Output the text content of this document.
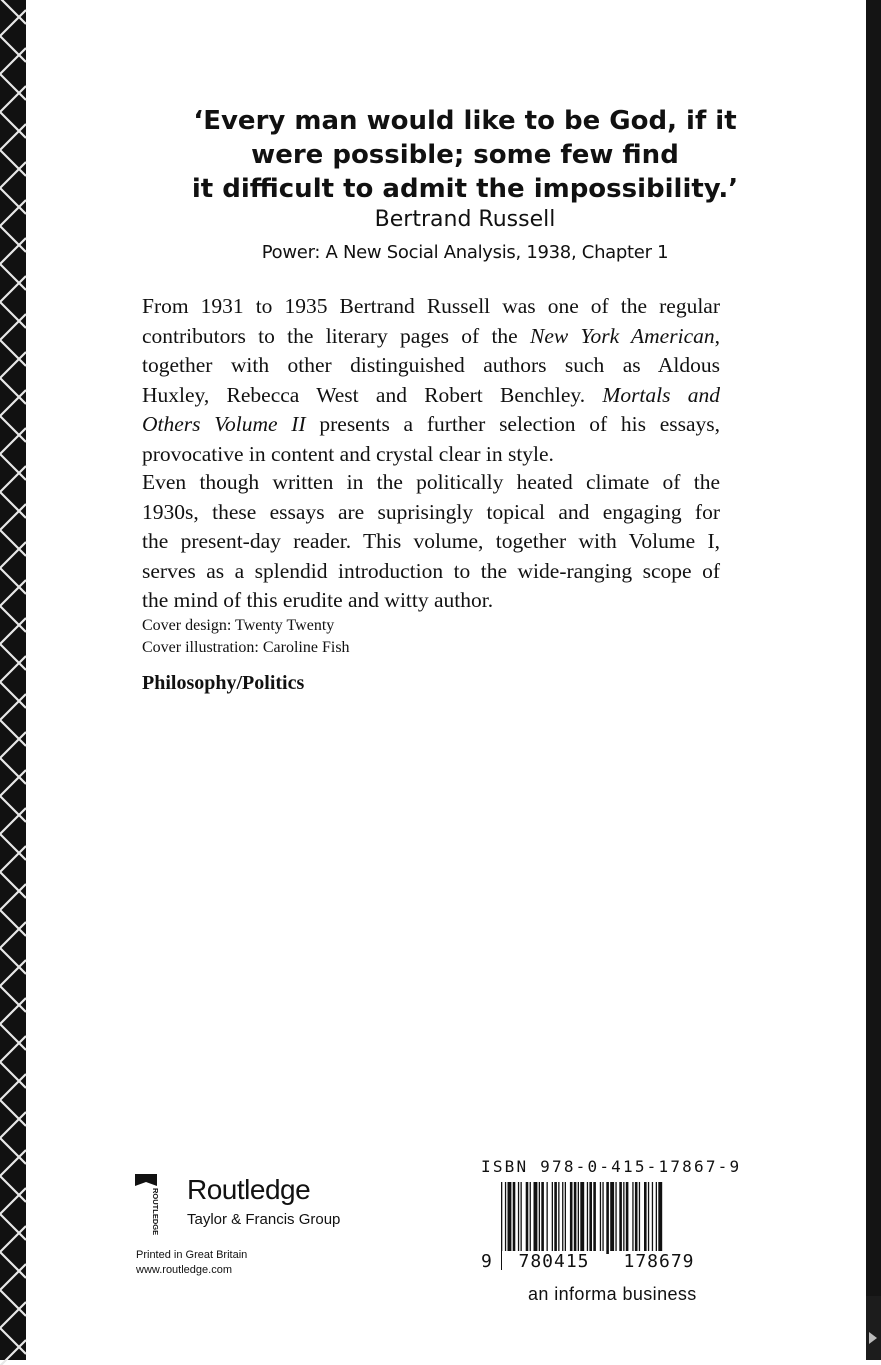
‘Every man would like to be God, if it
were possible; some few find
it difficult to admit the impossibility.’
Bertrand Russell
Power: A New Social Analysis, 1938, Chapter 1
From 1931 to 1935 Bertrand Russell was one of the regular
contributors to the literary pages of the New York American,
together with other distinguished authors such as Aldous
Huxley, Rebecca West and Robert Benchley. Mortals and
Others Volume II presents a further selection of his essays,
provocative in content and crystal clear in style.
Even though written in the politically heated climate of the
1930s, these essays are suprisingly topical and engaging for
the present-day reader. This volume, together with Volume I,
serves as a splendid introduction to the wide-ranging scope of
the mind of this erudite and witty author.
Cover design: Twenty Twenty
Cover illustration: Caroline Fish
Philosophy/Politics
ROUTLEDGE Routledge
Taylor & Francis Group
Printed in Great Britain
www.routledge.com
ISBN 978-0-415-17867-9
9	780415	178679
an informa business
